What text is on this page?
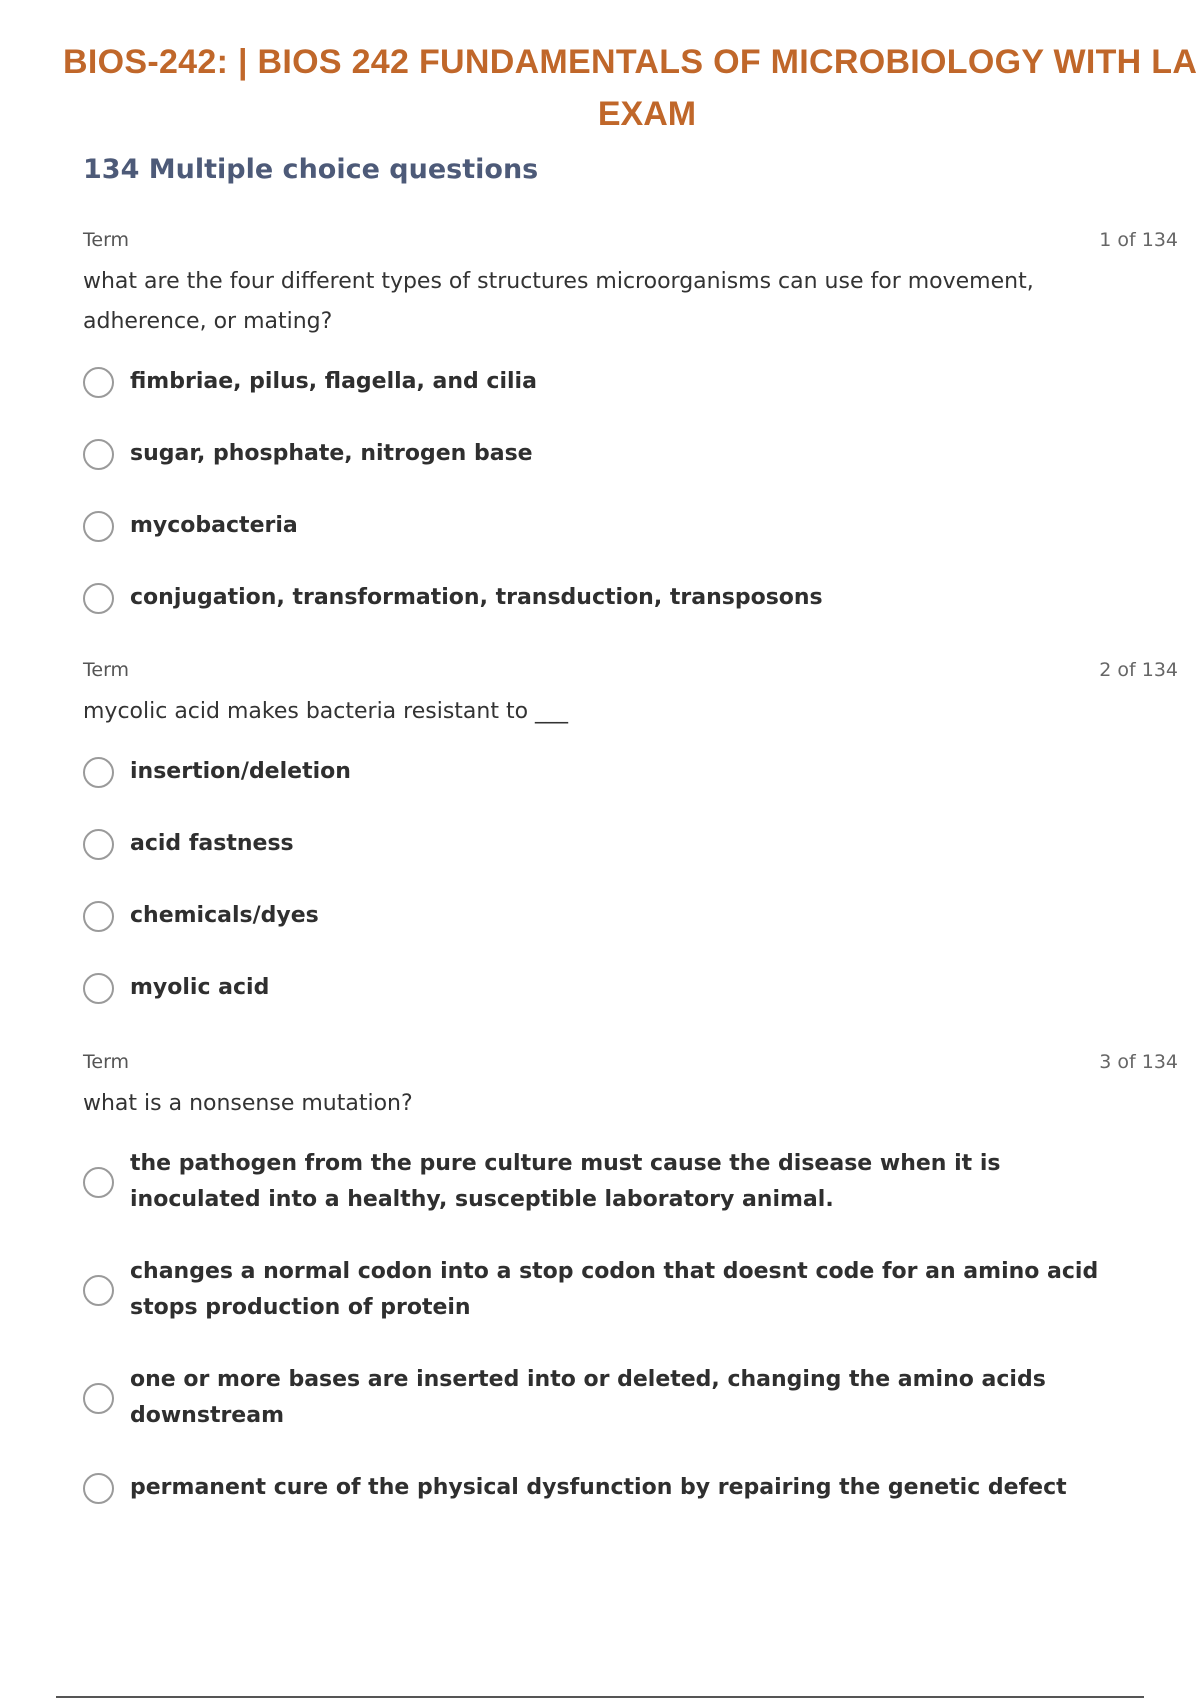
BIOS-242: | BIOS 242 FUNDAMENTALS OF MICROBIOLOGY WITH LA
EXAM
134 Multiple choice questions
Term	1 of 134
what are the four different types of structures microorganisms can use for movement, adherence, or mating?
fimbriae, pilus, flagella, and cilia
sugar, phosphate, nitrogen base
mycobacteria
conjugation, transformation, transduction, transposons
Term	2 of 134
mycolic acid makes bacteria resistant to ___
insertion/deletion
acid fastness
chemicals/dyes
myolic acid
Term	3 of 134
what is a nonsense mutation?
the pathogen from the pure culture must cause the disease when it is inoculated into a healthy, susceptible laboratory animal.
changes a normal codon into a stop codon that doesnt code for an amino acid stops production of protein
one or more bases are inserted into or deleted, changing the amino acids downstream
permanent cure of the physical dysfunction by repairing the genetic defect
